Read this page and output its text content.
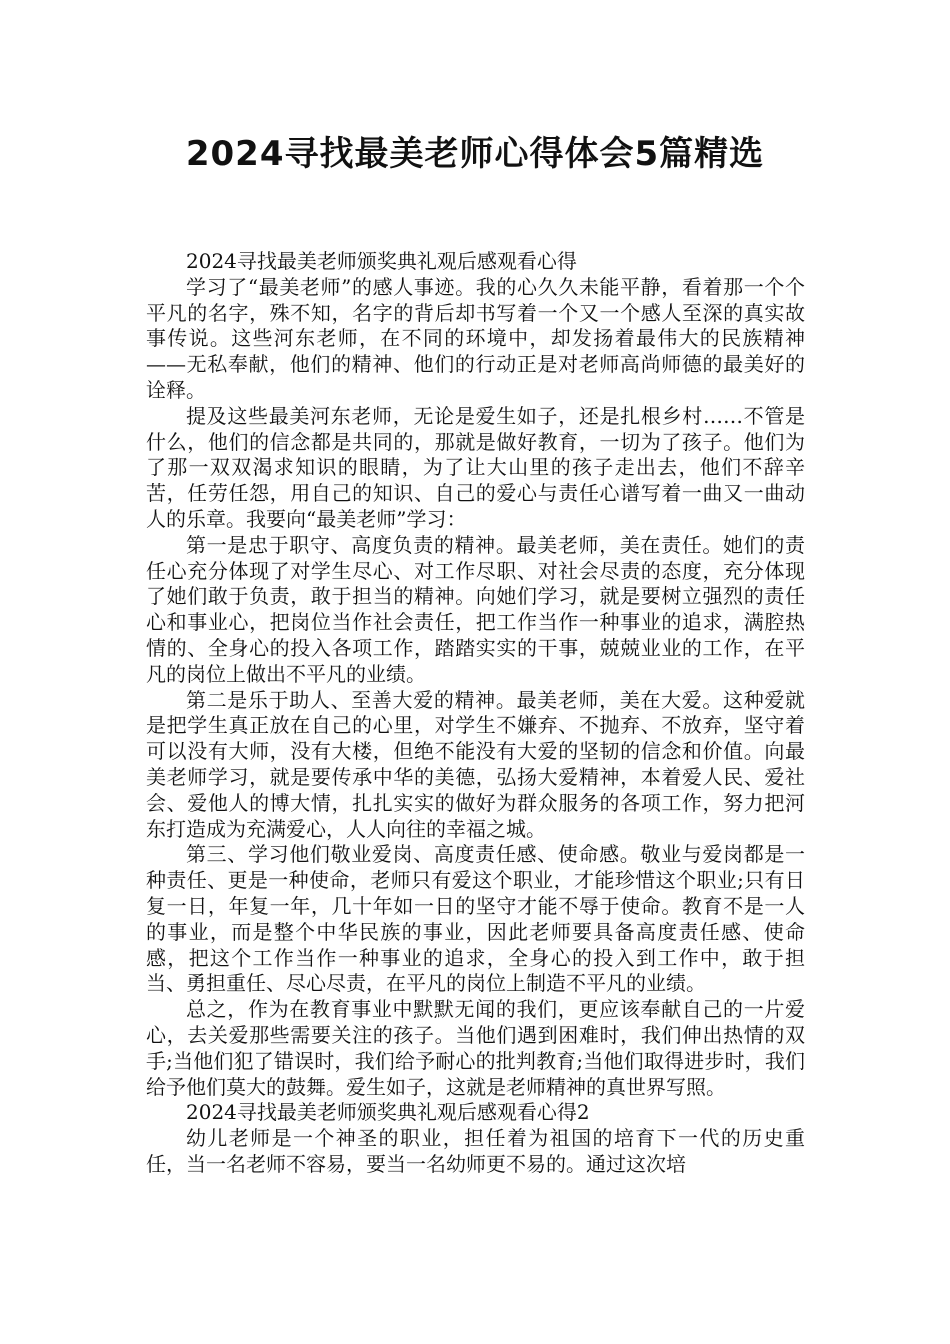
2024寻找最美老师心得体会5篇精选

2024寻找最美老师颁奖典礼观后感观看心得

学习了“最美老师”的感人事迹。我的心久久未能平静，看着那一个个平凡的名字，殊不知，名字的背后却书写着一个又一个感人至深的真实故事传说。这些河东老师，在不同的环境中，却发扬着最伟大的民族精神——无私奉献，他们的精神、他们的行动正是对老师高尚师德的最美好的诠释。

提及这些最美河东老师，无论是爱生如子，还是扎根乡村……不管是什么，他们的信念都是共同的，那就是做好教育，一切为了孩子。他们为了那一双双渴求知识的眼睛，为了让大山里的孩子走出去，他们不辞辛苦，任劳任怨，用自己的知识、自己的爱心与责任心谱写着一曲又一曲动人的乐章。我要向“最美老师”学习：

第一是忠于职守、高度负责的精神。最美老师，美在责任。她们的责任心充分体现了对学生尽心、对工作尽职、对社会尽责的态度，充分体现了她们敢于负责，敢于担当的精神。向她们学习，就是要树立强烈的责任心和事业心，把岗位当作社会责任，把工作当作一种事业的追求，满腔热情的、全身心的投入各项工作，踏踏实实的干事，兢兢业业的工作，在平凡的岗位上做出不平凡的业绩。

第二是乐于助人、至善大爱的精神。最美老师，美在大爱。这种爱就是把学生真正放在自己的心里，对学生不嫌弃、不抛弃、不放弃，坚守着可以没有大师，没有大楼，但绝不能没有大爱的坚韧的信念和价值。向最美老师学习，就是要传承中华的美德，弘扬大爱精神，本着爱人民、爱社会、爱他人的博大情，扎扎实实的做好为群众服务的各项工作，努力把河东打造成为充满爱心，人人向往的幸福之城。

第三、学习他们敬业爱岗、高度责任感、使命感。敬业与爱岗都是一种责任、更是一种使命，老师只有爱这个职业，才能珍惜这个职业;只有日复一日，年复一年，几十年如一日的坚守才能不辱于使命。教育不是一人的事业，而是整个中华民族的事业，因此老师要具备高度责任感、使命感，把这个工作当作一种事业的追求，全身心的投入到工作中，敢于担当、勇担重任、尽心尽责，在平凡的岗位上制造不平凡的业绩。

总之，作为在教育事业中默默无闻的我们，更应该奉献自己的一片爱心，去关爱那些需要关注的孩子。当他们遇到困难时，我们伸出热情的双手;当他们犯了错误时，我们给予耐心的批判教育;当他们取得进步时，我们给予他们莫大的鼓舞。爱生如子，这就是老师精神的真世界写照。

2024寻找最美老师颁奖典礼观后感观看心得2

幼儿老师是一个神圣的职业，担任着为祖国的培育下一代的历史重任，当一名老师不容易，要当一名幼师更不易的。通过这次培
